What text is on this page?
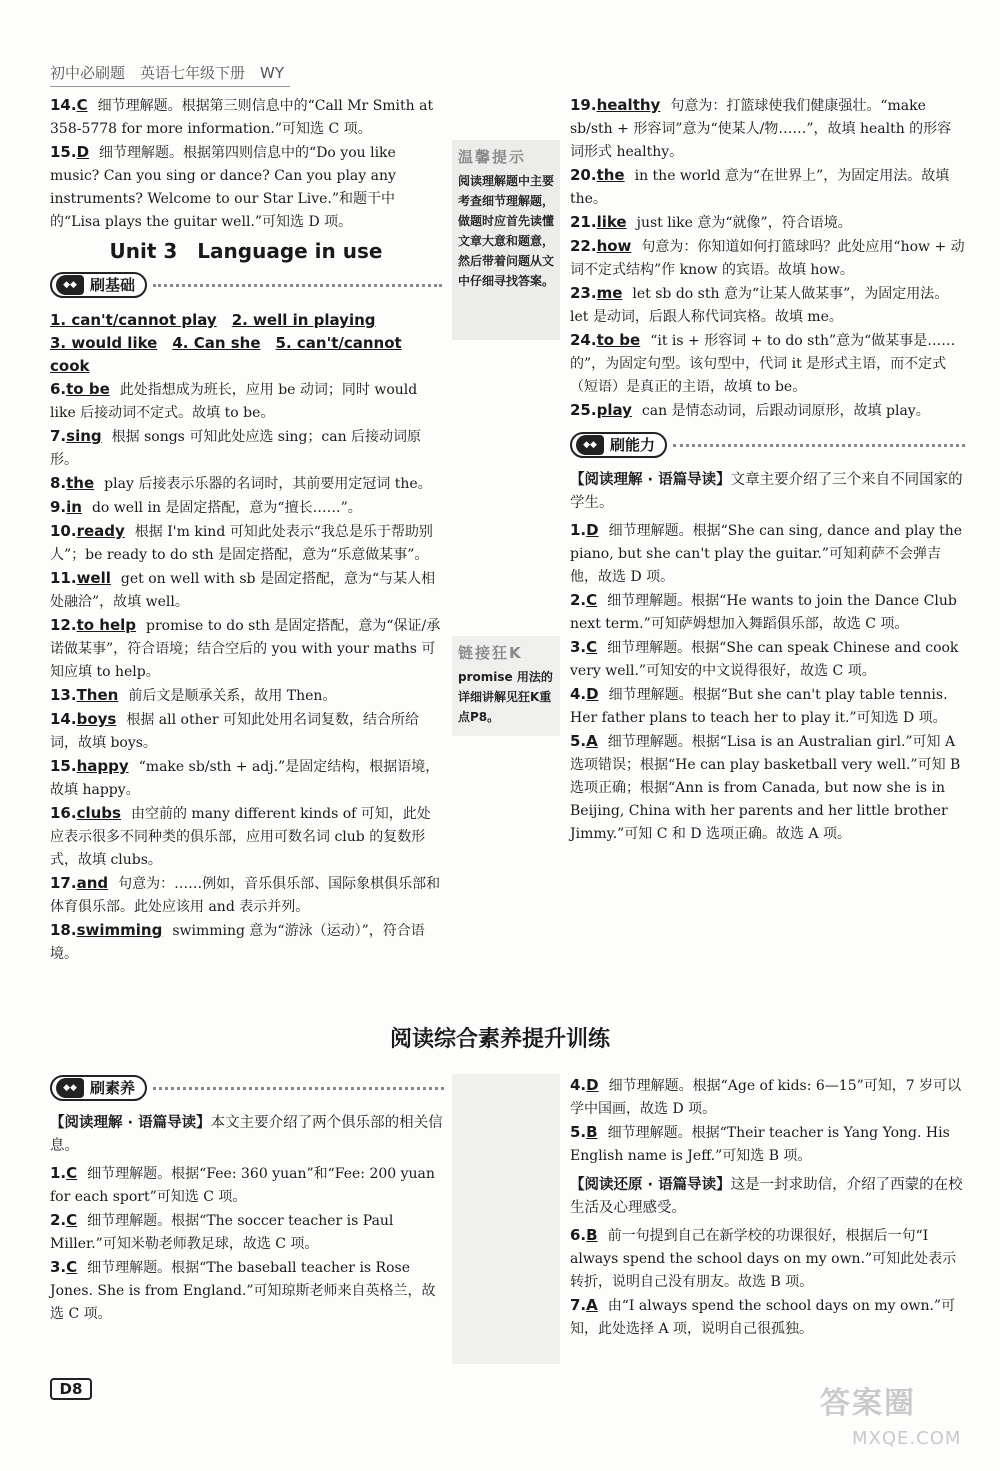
初中必刷题　英语七年级下册　WY
14.C 细节理解题。根据第三则信息中的“Call Mr Smith at 358-5778 for more information.”可知选 C 项。
15.D 细节理解题。根据第四则信息中的“Do you like music? Can you sing or dance? Can you play any instruments? Welcome to our Star Live.”和题干中的“Lisa plays the guitar well.”可知选 D 项。
Unit 3　Language in use
◆◆ 刷基础
1. can't/cannot play　 2. well in playing
3. would like　 4. Can she　 5. can't/cannot cook
6.to be 此处指想成为班长，应用 be 动词；同时 would like 后接动词不定式。故填 to be。
7.sing 根据 songs 可知此处应选 sing；can 后接动词原形。
8.the play 后接表示乐器的名词时，其前要用定冠词 the。
9.in do well in 是固定搭配，意为“擅长……”。
10.ready 根据 I'm kind 可知此处表示“我总是乐于帮助别人”；be ready to do sth 是固定搭配，意为“乐意做某事”。
11.well get on well with sb 是固定搭配，意为“与某人相处融洽”，故填 well。
12.to help promise to do sth 是固定搭配，意为“保证/承诺做某事”，符合语境；结合空后的 you with your maths 可知应填 to help。
13.Then 前后文是顺承关系，故用 Then。
14.boys 根据 all other 可知此处用名词复数，结合所给词，故填 boys。
15.happy “make sb/sth + adj.”是固定结构，根据语境，故填 happy。
16.clubs 由空前的 many different kinds of 可知，此处应表示很多不同种类的俱乐部，应用可数名词 club 的复数形式，故填 clubs。
17.and 句意为：……例如，音乐俱乐部、国际象棋俱乐部和体育俱乐部。此处应该用 and 表示并列。
18.swimming swimming 意为“游泳（运动）”，符合语境。
温馨提示
阅读理解题中主要考查细节理解题，做题时应首先读懂文章大意和题意，然后带着问题从文中仔细寻找答案。
链接狂K
promise 用法的详细讲解见狂K重点P8。
19.healthy 句意为：打篮球使我们健康强壮。“make sb/sth + 形容词”意为“使某人/物……”，故填 health 的形容词形式 healthy。
20.the in the world 意为“在世界上”，为固定用法。故填 the。
21.like just like 意为“就像”，符合语境。
22.how 句意为：你知道如何打篮球吗？此处应用“how + 动词不定式结构”作 know 的宾语。故填 how。
23.me let sb do sth 意为“让某人做某事”，为固定用法。let 是动词，后跟人称代词宾格。故填 me。
24.to be “it is + 形容词 + to do sth”意为“做某事是……的”，为固定句型。该句型中，代词 it 是形式主语，而不定式（短语）是真正的主语，故填 to be。
25.play can 是情态动词，后跟动词原形，故填 play。
◆◆ 刷能力
【阅读理解 · 语篇导读】文章主要介绍了三个来自不同国家的学生。
1.D 细节理解题。根据“She can sing, dance and play the piano, but she can't play the guitar.”可知莉萨不会弹吉他，故选 D 项。
2.C 细节理解题。根据“He wants to join the Dance Club next term.”可知萨姆想加入舞蹈俱乐部，故选 C 项。
3.C 细节理解题。根据“She can speak Chinese and cook very well.”可知安的中文说得很好，故选 C 项。
4.D 细节理解题。根据“But she can't play table tennis. Her father plans to teach her to play it.”可知选 D 项。
5.A 细节理解题。根据“Lisa is an Australian girl.”可知 A 选项错误；根据“He can play basketball very well.”可知 B 选项正确；根据“Ann is from Canada, but now she is in Beijing, China with her parents and her little brother Jimmy.”可知 C 和 D 选项正确。故选 A 项。
阅读综合素养提升训练
◆◆ 刷素养
【阅读理解 · 语篇导读】本文主要介绍了两个俱乐部的相关信息。
1.C 细节理解题。根据“Fee: 360 yuan”和“Fee: 200 yuan for each sport”可知选 C 项。
2.C 细节理解题。根据“The soccer teacher is Paul Miller.”可知米勒老师教足球，故选 C 项。
3.C 细节理解题。根据“The baseball teacher is Rose Jones. She is from England.”可知琼斯老师来自英格兰，故选 C 项。
4.D 细节理解题。根据“Age of kids: 6—15”可知，7 岁可以学中国画，故选 D 项。
5.B 细节理解题。根据“Their teacher is Yang Yong. His English name is Jeff.”可知选 B 项。
【阅读还原 · 语篇导读】这是一封求助信，介绍了西蒙的在校生活及心理感受。
6.B 前一句提到自己在新学校的功课很好，根据后一句“I always spend the school days on my own.”可知此处表示转折，说明自己没有朋友。故选 B 项。
7.A 由“I always spend the school days on my own.”可知，此处选择 A 项，说明自己很孤独。
D8	答案圈
MXQE.COM
